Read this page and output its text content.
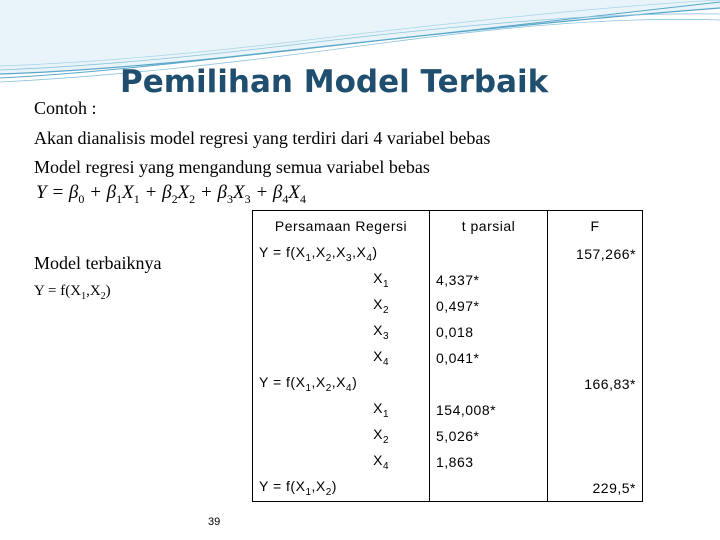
Pemilihan Model Terbaik
Contoh :
Akan dianalisis model regresi yang terdiri dari 4 variabel bebas
Model regresi yang mengandung semua variabel bebas
$Y = \beta_0 + \beta_1X_1 + \beta_2X_2 + \beta_3X_3 + \beta_4X_4$
Model terbaiknya
$Y = f(X_1,X_2)$
Persamaan Regersi	t parsial	F
$Y = f(X_1,X_2,X_3,X_4)$		157,266*
$X_1$	4,337*	
$X_2$	0,497*	
$X_3$	0,018	
$X_4$	0,041*	
$Y = f(X_1,X_2,X_4)$		166,83*
$X_1$	154,008*	
$X_2$	5,026*	
$X_4$	1,863	
$Y = f(X_1,X_2)$		229,5*
39
